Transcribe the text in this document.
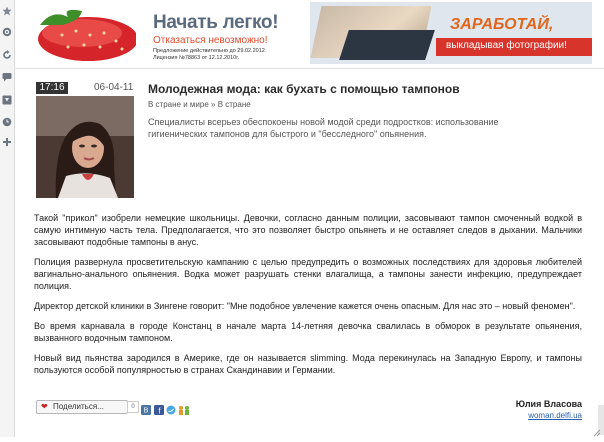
Начать легко!
Отказаться невозможно!
Предложение действительно до 29.02.2012
Лицензия №78863 от 12.12.2010г.
ЗАРАБОТАЙ,
выкладывая фотографии!
17:16	06-04-11 Молодежная мода: как бухать с помощью тампонов
В стране и мире » В стране
Специалисты всерьез обеспокоены новой модой среди подростков: использование гигиенических тампонов для быстрого и "бесследного" опьянения.

Такой "прикол" изобрели немецкие школьницы. Девочки, согласно данным полиции, засовывают тампон смоченный водкой в самую интимную часть тела. Предполагается, что это позволяет быстро опьянеть и не оставляет следов в дыхании. Мальчики засовывают подобные тампоны в анус.

Полиция развернула просветительскую кампанию с целью предупредить о возможных последствиях для здоровья любителей вагинально-анального опьянения. Водка может разрушать стенки влагалища, а тампоны занести инфекцию, предупреждает полиция.

Директор детской клиники в Зингене говорит: "Мне подобное увлечение кажется очень опасным. Для нас это – новый феномен".

Во время карнавала в городе Констанц в начале марта 14-летняя девочка свалилась в обморок в результате опьянения, вызванного водочным тампоном.

Новый вид пьянства зародился в Америке, где он называется slimming. Мода перекинулась на Западную Европу, и тампоны пользуются особой популярностью в странах Скандинавии и Германии.

❤ Поделиться...	0
B f
Юлия Власова
woman.delfi.ua
